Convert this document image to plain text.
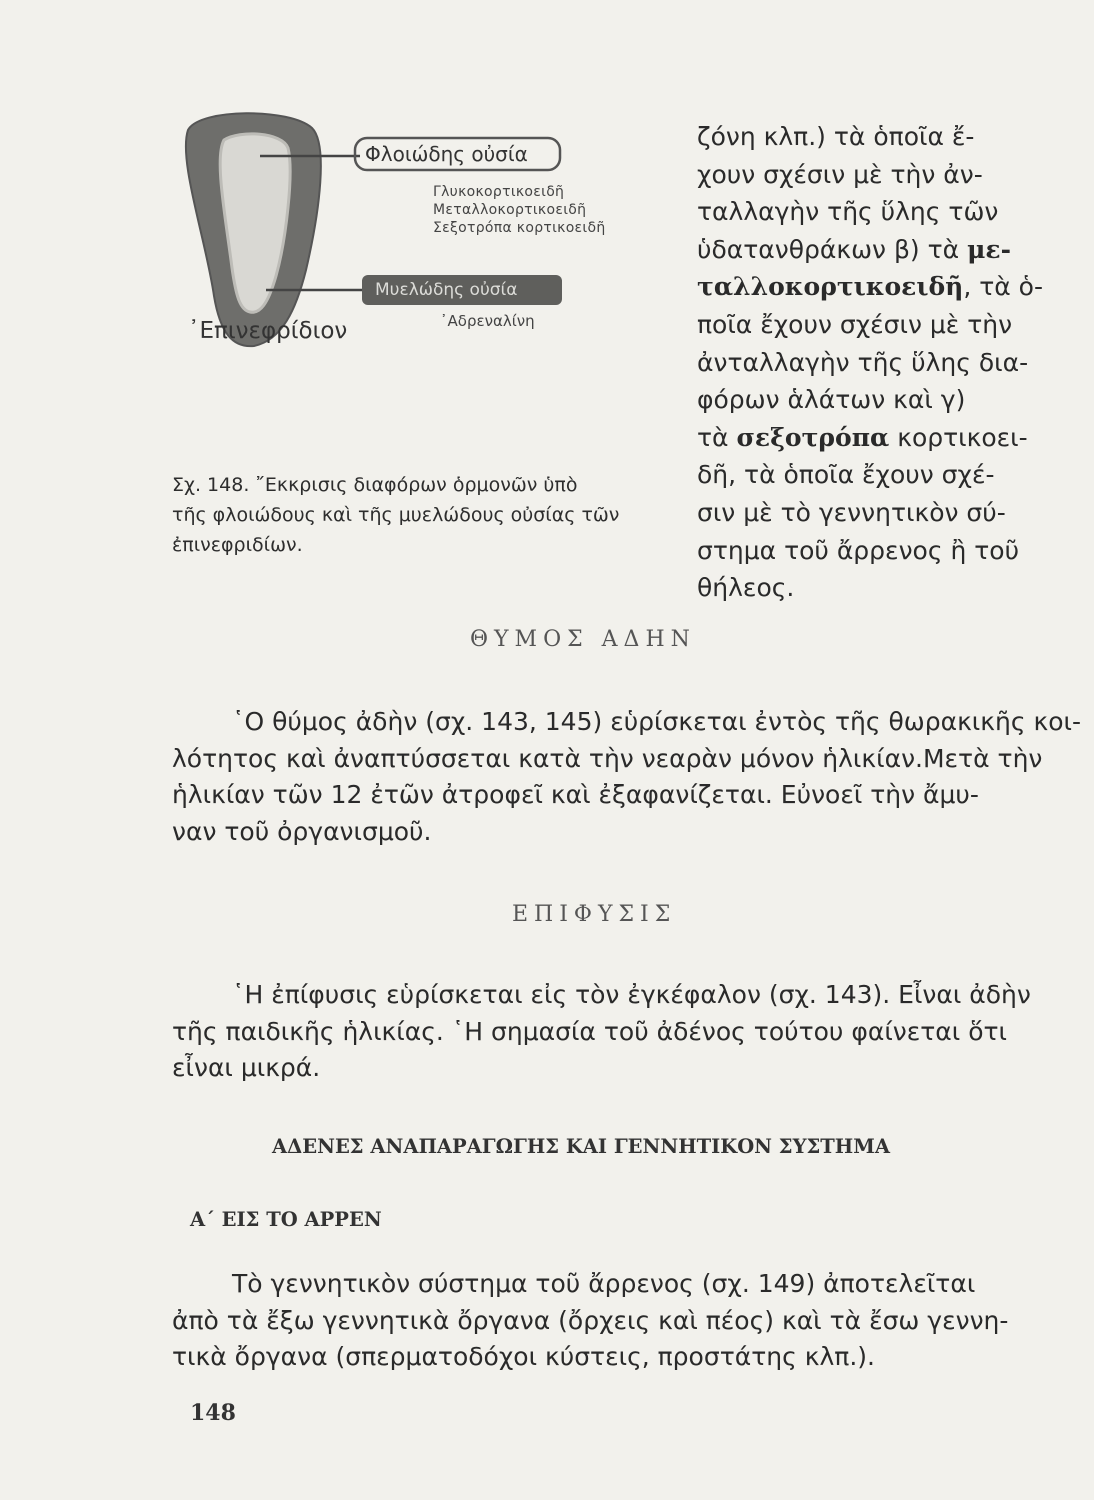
Φλοιώδης οὐσία
Γλυκοκορτικοειδῆ
Μεταλλοκορτικοειδῆ
Σεξοτρόπα κορτικοειδῆ
Μυελώδης οὐσία
᾿Αδρεναλίνη
᾿Επινεφρίδιον
Σχ. 148. ῎Εκκρισις διαφόρων ὁρμονῶν ὑπὸ
τῆς φλοιώδους καὶ τῆς μυελώδους οὐσίας τῶν
ἐπινεφριδίων.
ζόνη κλπ.) τὰ ὁποῖα ἔ-
χουν σχέσιν μὲ τὴν ἀν-
ταλλαγὴν τῆς ὕλης τῶν
ὑδατανθράκων β) τὰ με-
ταλλοκορτικοειδῆ, τὰ ὁ-
ποῖα ἔχουν σχέσιν μὲ τὴν
ἀνταλλαγὴν τῆς ὕλης δια-
φόρων ἁλάτων καὶ γ)
τὰ σεξοτρόπα κορτικοει-
δῆ, τὰ ὁποῖα ἔχουν σχέ-
σιν μὲ τὸ γεννητικὸν σύ-
στημα τοῦ ἄρρενος ἢ τοῦ
θήλεος.
ΘΥΜΟΣ ΑΔΗΝ
῾Ο θύμος ἀδὴν (σχ. 143, 145) εὑρίσκεται ἐντὸς τῆς θωρακικῆς κοι-
λότητος καὶ ἀναπτύσσεται κατὰ τὴν νεαρὰν μόνον ἡλικίαν.Μετὰ τὴν
ἡλικίαν τῶν 12 ἐτῶν ἀτροφεῖ καὶ ἐξαφανίζεται. Εὐνοεῖ τὴν ἄμυ-
ναν τοῦ ὀργανισμοῦ.
ΕΠΙΦΥΣΙΣ
῾Η ἐπίφυσις εὑρίσκεται εἰς τὸν ἐγκέφαλον (σχ. 143). Εἶναι ἀδὴν
τῆς παιδικῆς ἡλικίας. ῾Η σημασία τοῦ ἀδένος τούτου φαίνεται ὅτι
εἶναι μικρά.
ΑΔΕΝΕΣ ΑΝΑΠΑΡΑΓΩΓΗΣ ΚΑΙ ΓΕΝΝΗΤΙΚΟΝ ΣΥΣΤΗΜΑ
Α΄ ΕΙΣ ΤΟ ΑΡΡΕΝ
Τὸ γεννητικὸν σύστημα τοῦ ἄρρενος (σχ. 149) ἀποτελεῖται
ἀπὸ τὰ ἔξω γεννητικὰ ὄργανα (ὄρχεις καὶ πέος) καὶ τὰ ἔσω γεννη-
τικὰ ὄργανα (σπερματοδόχοι κύστεις, προστάτης κλπ.).
148
